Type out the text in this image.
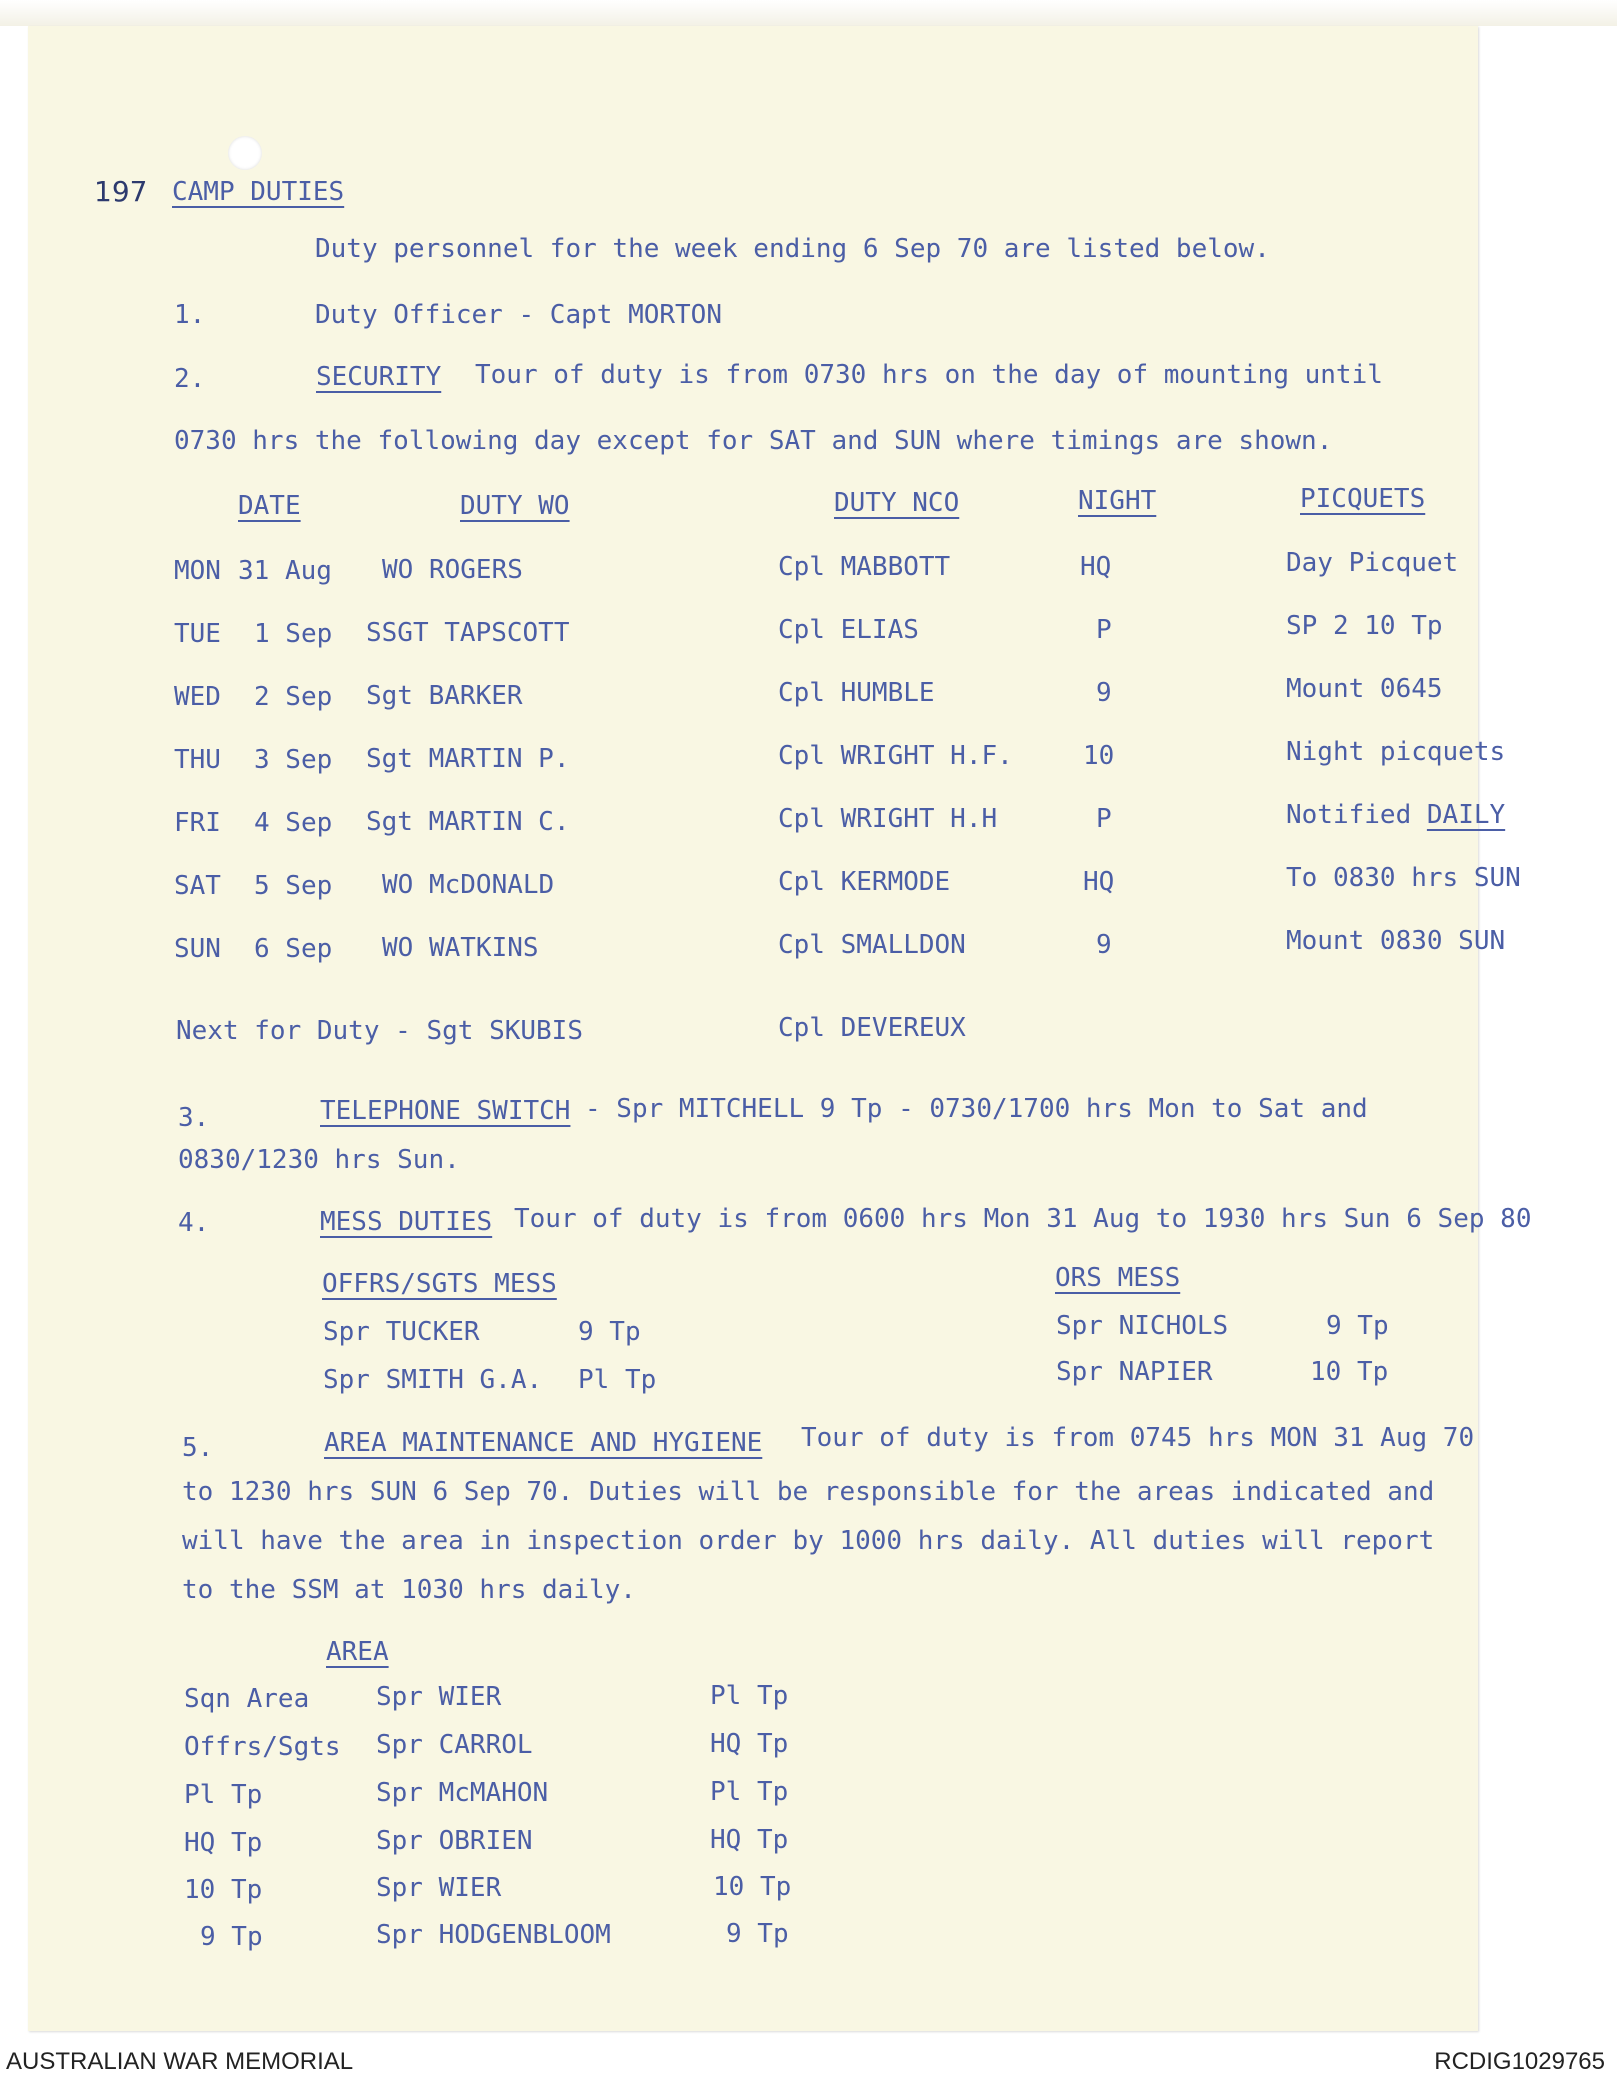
197 CAMP DUTIES
Duty personnel for the week ending 6 Sep 70 are listed below.
1.	Duty Officer - Capt MORTON
2.	SECURITY Tour of duty is from 0730 hrs on the day of mounting until
0730 hrs the following day except for SAT and SUN where timings are shown.
DATE	DUTY WO	DUTY NCO	NIGHT	PICQUETS
MON 31 Aug WO ROGERS	Cpl MABBOTT	HQ	Day Picquet
TUE 1 Sep SSGT TAPSCOTT	Cpl ELIAS	P	SP 2 10 Tp
WED 2 Sep Sgt BARKER	Cpl HUMBLE	9	Mount 0645
THU 3 Sep Sgt MARTIN P.	Cpl WRIGHT H.F.	10	Night picquets
FRI 4 Sep Sgt MARTIN C.	Cpl WRIGHT H.H	P	Notified DAILY
SAT 5 Sep WO McDONALD	Cpl KERMODE	HQ	To 0830 hrs SUN
SUN 6 Sep WO WATKINS	Cpl SMALLDON	9	Mount 0830 SUN
Next for Duty - Sgt SKUBIS	Cpl DEVEREUX
3.	TELEPHONE SWITCH - Spr MITCHELL 9 Tp - 0730/1700 hrs Mon to Sat and
0830/1230 hrs Sun.
4.	MESS DUTIES Tour of duty is from 0600 hrs Mon 31 Aug to 1930 hrs Sun 6 Sep 80
OFFRS/SGTS MESS
Spr TUCKER	9 Tp
Spr SMITH G.A. Pl Tp
ORS MESS
Spr NICHOLS	9 Tp
Spr NAPIER	10 Tp
5.	AREA MAINTENANCE AND HYGIENE Tour of duty is from 0745 hrs MON 31 Aug 70
to 1230 hrs SUN 6 Sep 70. Duties will be responsible for the areas indicated and
will have the area in inspection order by 1000 hrs daily. All duties will report
to the SSM at 1030 hrs daily.
AREA
Sqn Area	Spr WIER	Pl Tp
Offrs/Sgts Spr CARROL	HQ Tp
Pl Tp	Spr McMAHON	Pl Tp
HQ Tp	Spr OBRIEN	HQ Tp
10 Tp	Spr WIER	10 Tp
9 Tp	Spr HODGENBLOOM	9 Tp
AUSTRALIAN WAR MEMORIAL	RCDIG1029765
